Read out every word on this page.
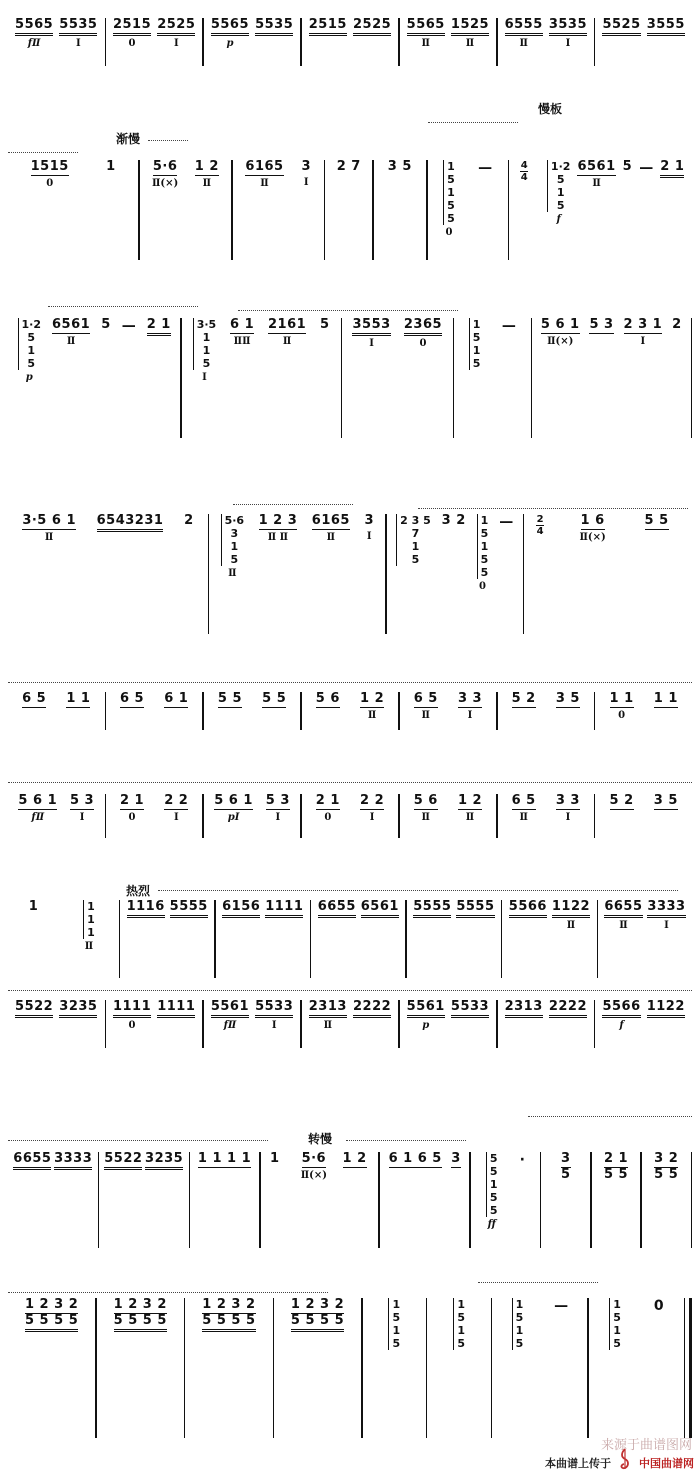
5565
fⅡ
5535
Ⅰ
2515
0
2525
Ⅰ
5565
p
5535 2515 2525 5565
Ⅱ
1525
Ⅱ
6555
Ⅱ
3535
Ⅰ
5525 3555
渐慢
慢板
1515
0
1	5·6
Ⅱ(×)
1 2
Ⅱ
6165
Ⅱ
3
Ⅰ
2 7 3 5	1
5
1
5
5
0
—	4
4
1·2
5
1
5
f
6561
Ⅱ
5 — 2 1
1·2
5
1
5
p
6561
Ⅱ
5 — 2 1 3·5
1
1
5
Ⅰ
6 1
ⅡⅡ
2161
Ⅱ
5 3553
Ⅰ
2365
0
1
5
1
5
— 5 6 1
Ⅱ(×)
5 3 2 3 1
Ⅰ
2
3·5 6 1
Ⅱ
6543231 2	5·6
3
1
5
Ⅱ
1 2 3
Ⅱ Ⅱ
6165
Ⅱ
3
Ⅰ
2 3 5
7
1
5
3 2 1
5
1
5
5
0
— 2
4
1 6
Ⅱ(×)
5 5
6 5 1 1 6 5 6 1 5 5 5 5 5 6 1 2
Ⅱ
6 5
Ⅱ
3 3
Ⅰ
5 2 3 5 1 1
0
1 1
5 6 1
fⅡ
5 3
Ⅰ
2 1
0
2 2
Ⅰ
5 6 1
pⅠ
5 3
Ⅰ
2 1
0
2 2
Ⅰ
5 6
Ⅱ
1 2
Ⅱ
6 5
Ⅱ
3 3
Ⅰ
5 2 3 5
热烈
1	1
1
1
Ⅱ
1116 5555 6156 1111 6655 6561 5555 5555 5566 1122
Ⅱ
6655
Ⅱ
3333
Ⅰ
5522 3235 1111
0
1111 5561
fⅡ
5533
Ⅰ
2313
Ⅱ
2222 5561
p
5533 2313 2222 5566
f
1122
转慢
6655 3333 5522 3235 1 1 1 1 1 5·6
Ⅱ(×)
1 2 6 1 6 5 3	5
5
1
5
5
ff
·	3
5
2 1
5 5
3 2
5 5
1 2 3 2
5 5 5 5
1 2 3 2
5 5 5 5
1 2 3 2
5 5 5 5
1 2 3 2
5 5 5 5
1
5
1
5
1
5
1
5
1
5
1
5
—	1
5
1
5
0
本曲谱上传于	中国曲谱网
来源于曲谱图网
